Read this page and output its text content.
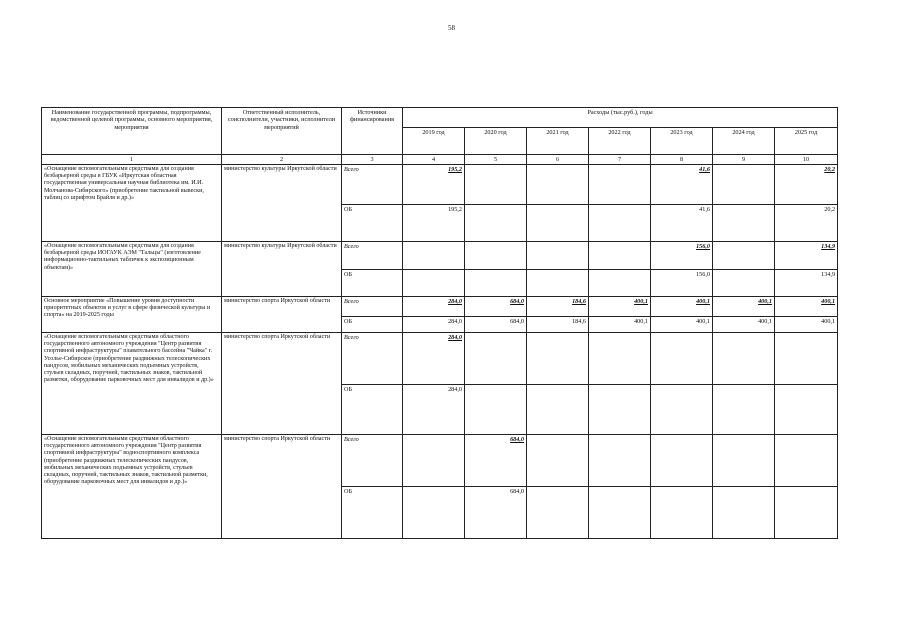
58
Наименование государственной программы, подпрограммы, ведомственной целевой программы, основного мероприятия, мероприятия	Ответственный исполнитель, соисполнители, участники, исполнители мероприятий	Источники финансирования	Расходы (тыс.руб.), годы						
			2019 год	2020 год	2021 год	2022 год	2023 год	2024 год	2025 год
1	2	3	4	5	6	7	8	9	10
«Оснащение вспомогательными средствами для создания безбарьерной среды в ГБУК «Иркутская областная государственная универсальная научная библиотека им. И.И. Молчанова-Сибирского» (приобретение тактильной вывески, таблиц со шрифтом Брайля и др.)»	министерство культуры Иркутской области	Всего	195,2				41,6		20,2
		ОБ	195,2				41,6		20,2
«Оснащение вспомогательными средствами для создания безбарьерной среды ИОГАУК АЭМ "Тальцы" (изготовление информационно-тактильных табличек к экспозиционным объектам)»	министерство культуры Иркутской области	Всего					156,0		134,9
		ОБ					156,0		134,9
Основное мероприятие «Повышение уровня доступности приоритетных объектов и услуг в сфере физической культуры и спорта» на 2019-2025 годы	министерство спорта Иркутской области	Всего	284,0	684,0	184,6	400,1	400,1	400,1	400,1
		ОБ	284,0	684,0	184,6	400,1	400,1	400,1	400,1
«Оснащение вспомогательными средствами областного государственного автономного учреждения "Центр развития спортивной инфраструктуры" плавательного бассейна "Чайка" г. Усолье-Сибирское (приобретение раздвижных телескопических пандусов, мобильных механических подъемных устройств, стульев складных, поручней, тактильных знаков, тактильной разметки, оборудование парковочных мест для инвалидов и др.)»	министерство спорта Иркутской области	Всего	284,0						
		ОБ	284,0						
«Оснащение вспомогательными средствами областного государственного автономного учреждения "Центр развития спортивной инфраструктуры" водноспортивного комплекса (приобретение раздвижных телескопических пандусов, мобильных механических подъемных устройств, стульев складных, поручней, тактильных знаков, тактильной разметки, оборудование парковочных мест для инвалидов и др.)»	министерство спорта Иркутской области	Всего		684,0					
		ОБ		684,0					
